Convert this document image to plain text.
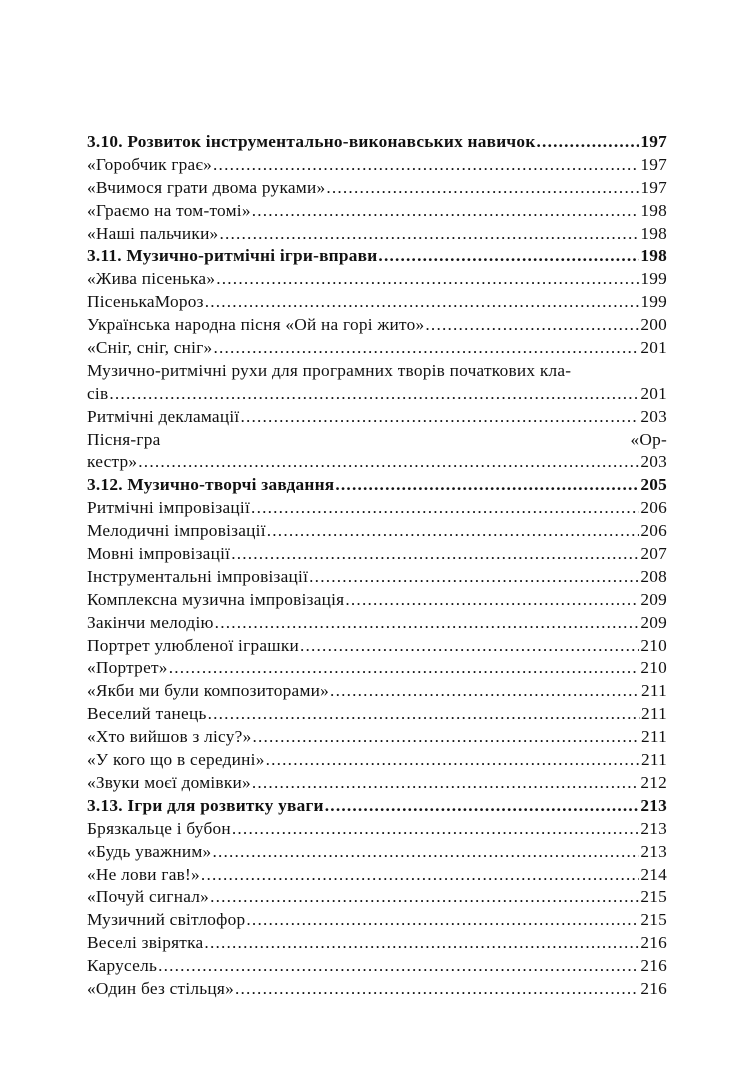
3.10. Розвиток інструментально-виконавських навичок .....	197
«Горобчик грає» .....	197
«Вчимося грати двома руками» .....	197
«Граємо на том-томі» .....	198
«Наші пальчики» .....	198
3.11. Музично-ритмічні ігри-вправи .....	198
«Жива пісенька» .....	199
ПісенькаМороз .....	199
Українська народна пісня «Ой на горі жито» .....	200
«Сніг, сніг, сніг» .....	201
Музично-ритмічні рухи для програмних творів початкових кла-
сів .....	201
Ритмічні декламації .....	203
Пісня-гра	«Ор-
кестр» .....	203
3.12. Музично-творчі завдання .....	205
Ритмічні імпровізації .....	206
Мелодичні імпровізації .....	206
Мовні імпровізації .....	207
Інструментальні імпровізації .....	208
Комплексна музична імпровізація .....	209
Закінчи мелодію .....	209
Портрет улюбленої іграшки .....	210
«Портрет» .....	210
«Якби ми були композиторами» .....	211
Веселий танець .....	211
«Хто вийшов з лісу?» .....	211
«У кого що в середині» .....	211
«Звуки моєї домівки» .....	212
3.13. Ігри для розвитку уваги .....	213
Брязкальце і бубон .....	213
«Будь уважним» .....	213
«Не лови гав!» .....	214
«Почуй сигнал» .....	215
Музичний світлофор .....	215
Веселі звірятка .....	216
Карусель .....	216
«Один без стільця» .....	216
